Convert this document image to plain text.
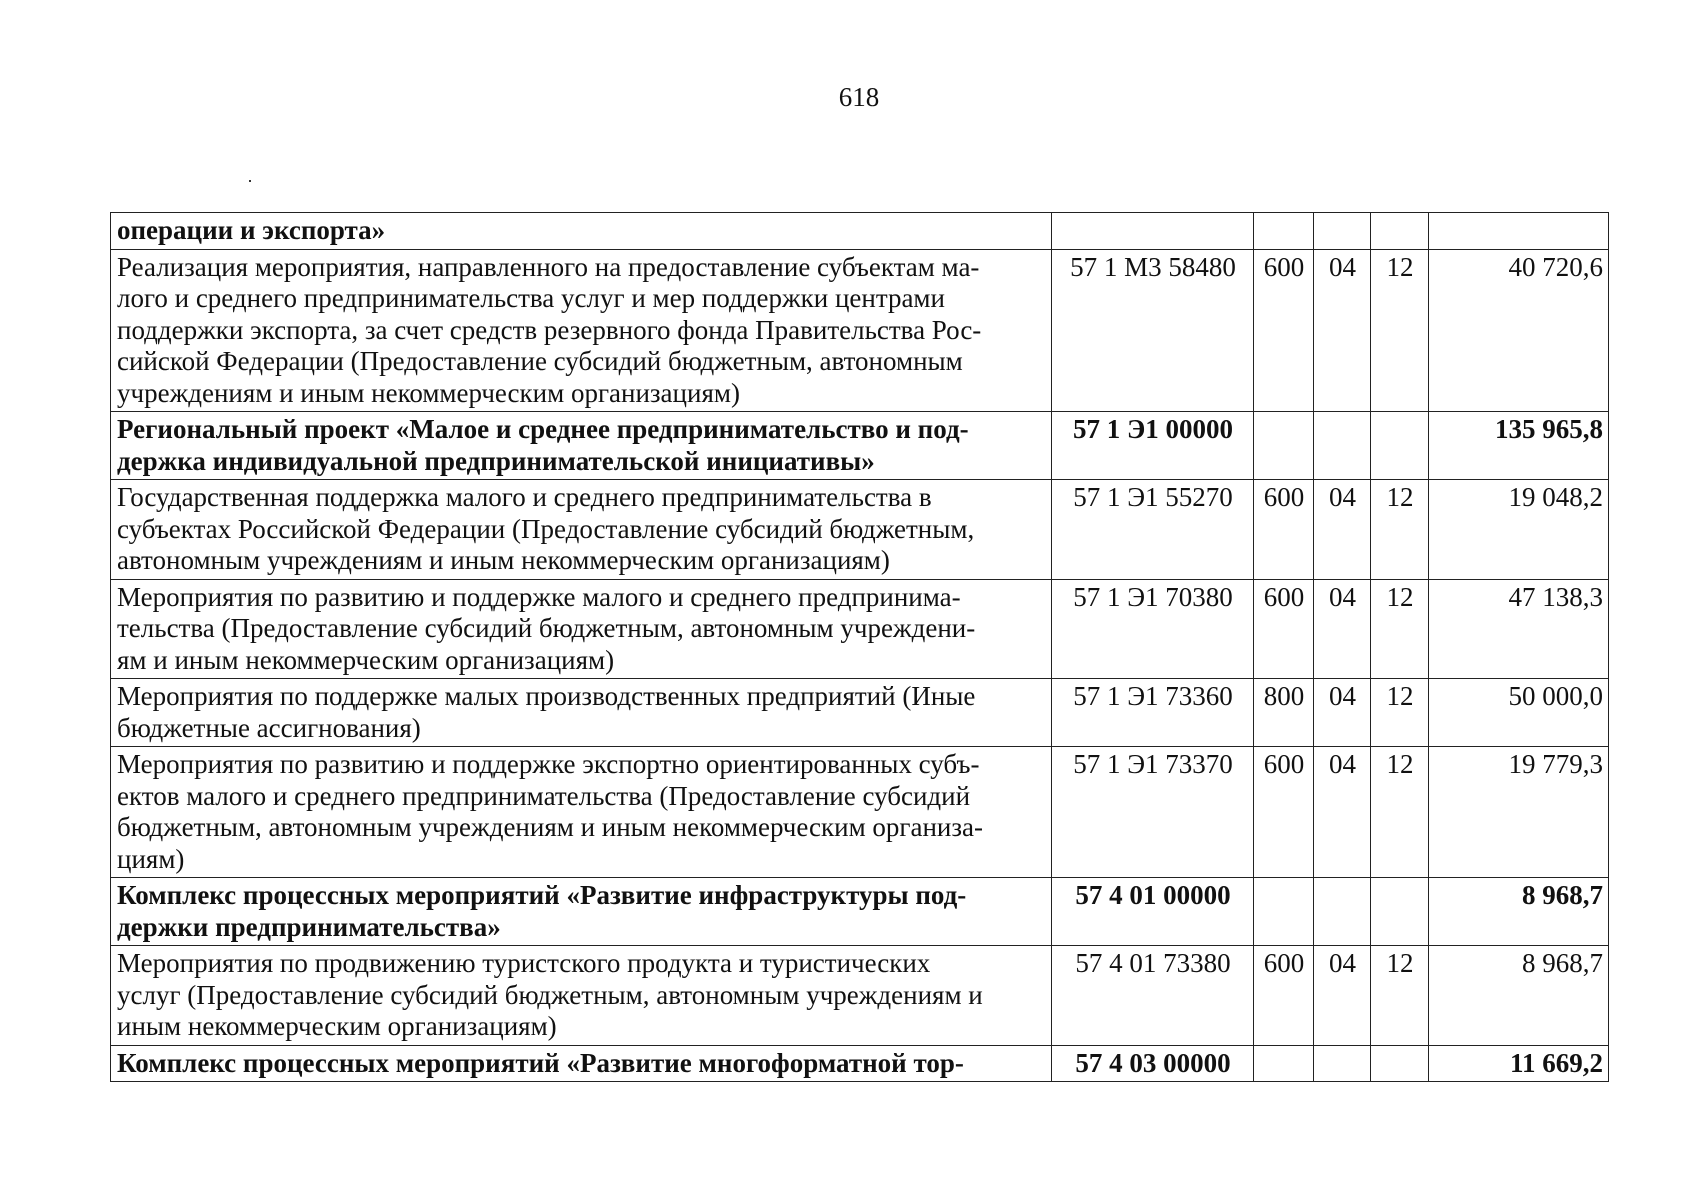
618
операции и экспорта»					
Реализация мероприятия, направленного на предоставление субъектам ма-
лого и среднего предпринимательства услуг и мер поддержки центрами
поддержки экспорта, за счет средств резервного фонда Правительства Рос-
сийской Федерации (Предоставление субсидий бюджетным, автономным
учреждениям и иным некоммерческим организациям)	57 1 М3 58480	600	04	12	40 720,6
Региональный проект «Малое и среднее предпринимательство и под-
держка индивидуальной предпринимательской инициативы»	57 1 Э1 00000				135 965,8
Государственная поддержка малого и среднего предпринимательства в
субъектах Российской Федерации (Предоставление субсидий бюджетным,
автономным учреждениям и иным некоммерческим организациям)	57 1 Э1 55270	600	04	12	19 048,2
Мероприятия по развитию и поддержке малого и среднего предпринима-
тельства (Предоставление субсидий бюджетным, автономным учреждени-
ям и иным некоммерческим организациям)	57 1 Э1 70380	600	04	12	47 138,3
Мероприятия по поддержке малых производственных предприятий (Иные
бюджетные ассигнования)	57 1 Э1 73360	800	04	12	50 000,0
Мероприятия по развитию и поддержке экспортно ориентированных субъ-
ектов малого и среднего предпринимательства (Предоставление субсидий
бюджетным, автономным учреждениям и иным некоммерческим организа-
циям)	57 1 Э1 73370	600	04	12	19 779,3
Комплекс процессных мероприятий «Развитие инфраструктуры под-
держки предпринимательства»	57 4 01 00000				8 968,7
Мероприятия по продвижению туристского продукта и туристических
услуг (Предоставление субсидий бюджетным, автономным учреждениям и
иным некоммерческим организациям)	57 4 01 73380	600	04	12	8 968,7
Комплекс процессных мероприятий «Развитие многоформатной тор-	57 4 03 00000				11 669,2
